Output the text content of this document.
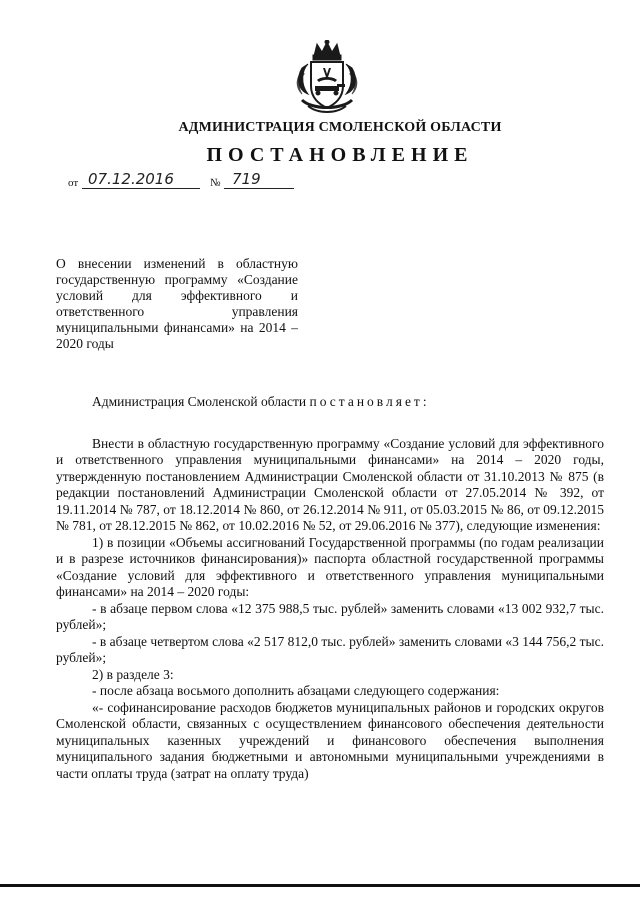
АДМИНИСТРАЦИЯ СМОЛЕНСКОЙ ОБЛАСТИ
ПОСТАНОВЛЕНИЕ
от 07.12.2016	№ 719
О внесении изменений в областную государственную программу «Создание условий для эффективного и ответственного управления муниципальными финансами» на 2014 – 2020 годы

Администрация Смоленской области постановляет:

Внести в областную государственную программу «Создание условий для эффективного и ответственного управления муниципальными финансами» на 2014 – 2020 годы, утвержденную постановлением Администрации Смоленской области от 31.10.2013 № 875 (в редакции постановлений Администрации Смоленской области от 27.05.2014 № 392, от 19.11.2014 № 787, от 18.12.2014 № 860, от 26.12.2014 № 911, от 05.03.2015 № 86, от 09.12.2015 № 781, от 28.12.2015 № 862, от 10.02.2016 № 52, от 29.06.2016 № 377), следующие изменения:

1) в позиции «Объемы ассигнований Государственной программы (по годам реализации и в разрезе источников финансирования)» паспорта областной государственной программы «Создание условий для эффективного и ответственного управления муниципальными финансами» на 2014 – 2020 годы:

- в абзаце первом слова «12 375 988,5 тыс. рублей» заменить словами «13 002 932,7 тыс. рублей»;

- в абзаце четвертом слова «2 517 812,0 тыс. рублей» заменить словами «3 144 756,2 тыс. рублей»;

2) в разделе 3:

- после абзаца восьмого дополнить абзацами следующего содержания:

«- софинансирование расходов бюджетов муниципальных районов и городских округов Смоленской области, связанных с осуществлением финансового обеспечения деятельности муниципальных казенных учреждений и финансового обеспечения выполнения муниципального задания бюджетными и автономными муниципальными учреждениями в части оплаты труда (затрат на оплату труда)
